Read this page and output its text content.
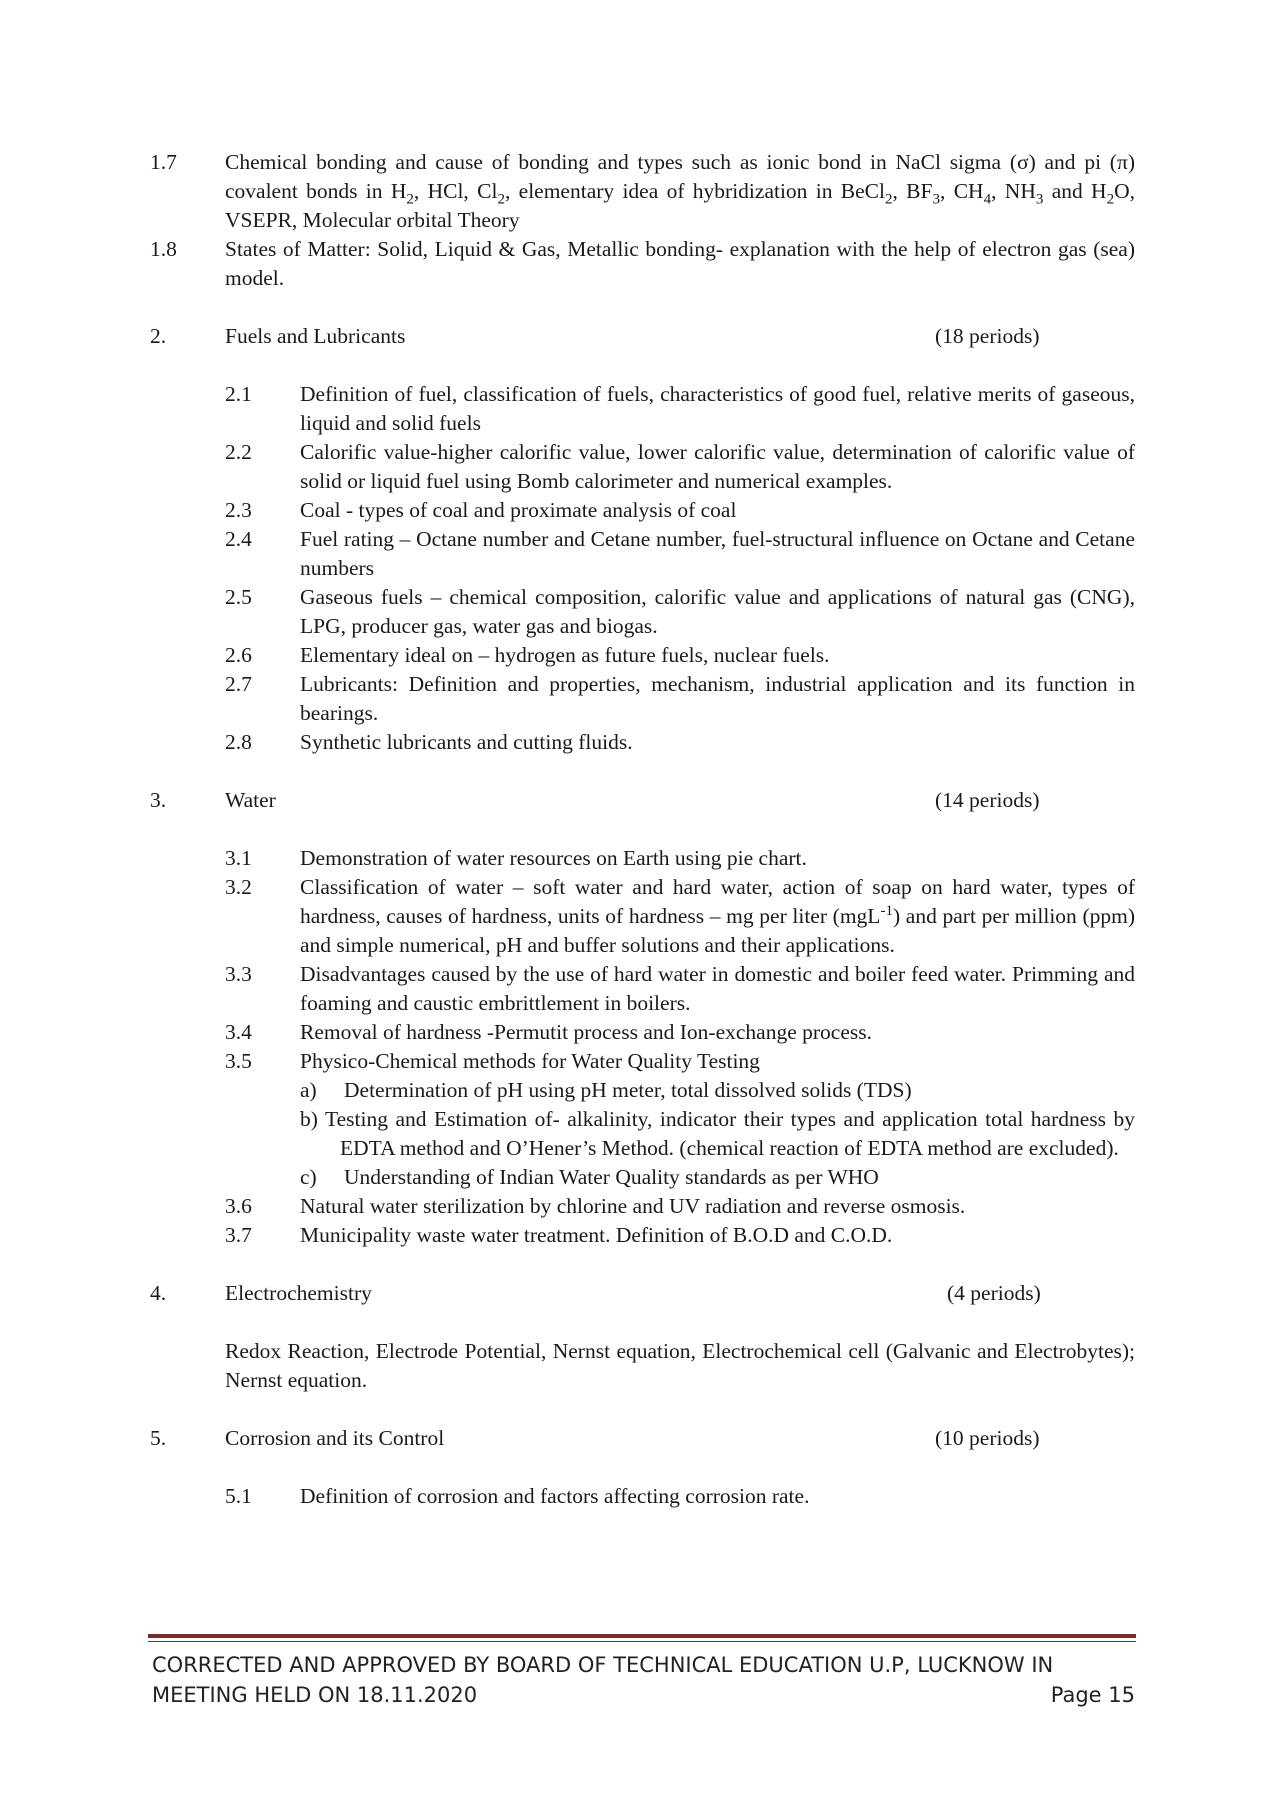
1.7	Chemical bonding and cause of bonding and types such as ionic bond in NaCl sigma (σ) and pi (π) covalent bonds in $H_2$, HCl, $Cl_2$, elementary idea of hybridization in BeCl$_2$, $BF_3$, $CH_4$, $NH_3$ and $H_2O$, VSEPR, Molecular orbital Theory
1.8	States of Matter: Solid, Liquid & Gas, Metallic bonding- explanation with the help of electron gas (sea) model.
2.	Fuels and Lubricants	(18 periods)
2.1	Definition of fuel, classification of fuels, characteristics of good fuel, relative merits of gaseous, liquid and solid fuels
2.2	Calorific value-higher calorific value, lower calorific value, determination of calorific value of solid or liquid fuel using Bomb calorimeter and numerical examples.
2.3	Coal - types of coal and proximate analysis of coal
2.4	Fuel rating – Octane number and Cetane number, fuel-structural influence on Octane and Cetane numbers
2.5	Gaseous fuels – chemical composition, calorific value and applications of natural gas (CNG), LPG, producer gas, water gas and biogas.
2.6	Elementary ideal on – hydrogen as future fuels, nuclear fuels.
2.7	Lubricants: Definition and properties, mechanism, industrial application and its function in bearings.
2.8	Synthetic lubricants and cutting fluids.
3.	Water	(14 periods)
3.1	Demonstration of water resources on Earth using pie chart.
3.2	Classification of water – soft water and hard water, action of soap on hard water, types of hardness, causes of hardness, units of hardness – mg per liter (mgL$^{-1}$) and part per million (ppm) and simple numerical, pH and buffer solutions and their applications.
3.3	Disadvantages caused by the use of hard water in domestic and boiler feed water. Primming and foaming and caustic embrittlement in boilers.
3.4	Removal of hardness -Permutit process and Ion-exchange process.
3.5	Physico-Chemical methods for Water Quality Testing
a)	Determination of pH using pH meter, total dissolved solids (TDS)
b) Testing and Estimation of- alkalinity, indicator their types and application total hardness by EDTA method and O’Hener’s Method. (chemical reaction of EDTA method are excluded).
c)	Understanding of Indian Water Quality standards as per WHO
3.6	Natural water sterilization by chlorine and UV radiation and reverse osmosis.
3.7	Municipality waste water treatment. Definition of B.O.D and C.O.D.
4.	Electrochemistry	(4 periods)
Redox Reaction, Electrode Potential, Nernst equation, Electrochemical cell (Galvanic and Electrobytes); Nernst equation.
5.	Corrosion and its Control	(10 periods)
5.1	Definition of corrosion and factors affecting corrosion rate.
CORRECTED AND APPROVED BY BOARD OF TECHNICAL EDUCATION U.P, LUCKNOW IN
MEETING HELD ON 18.11.2020	Page 15
